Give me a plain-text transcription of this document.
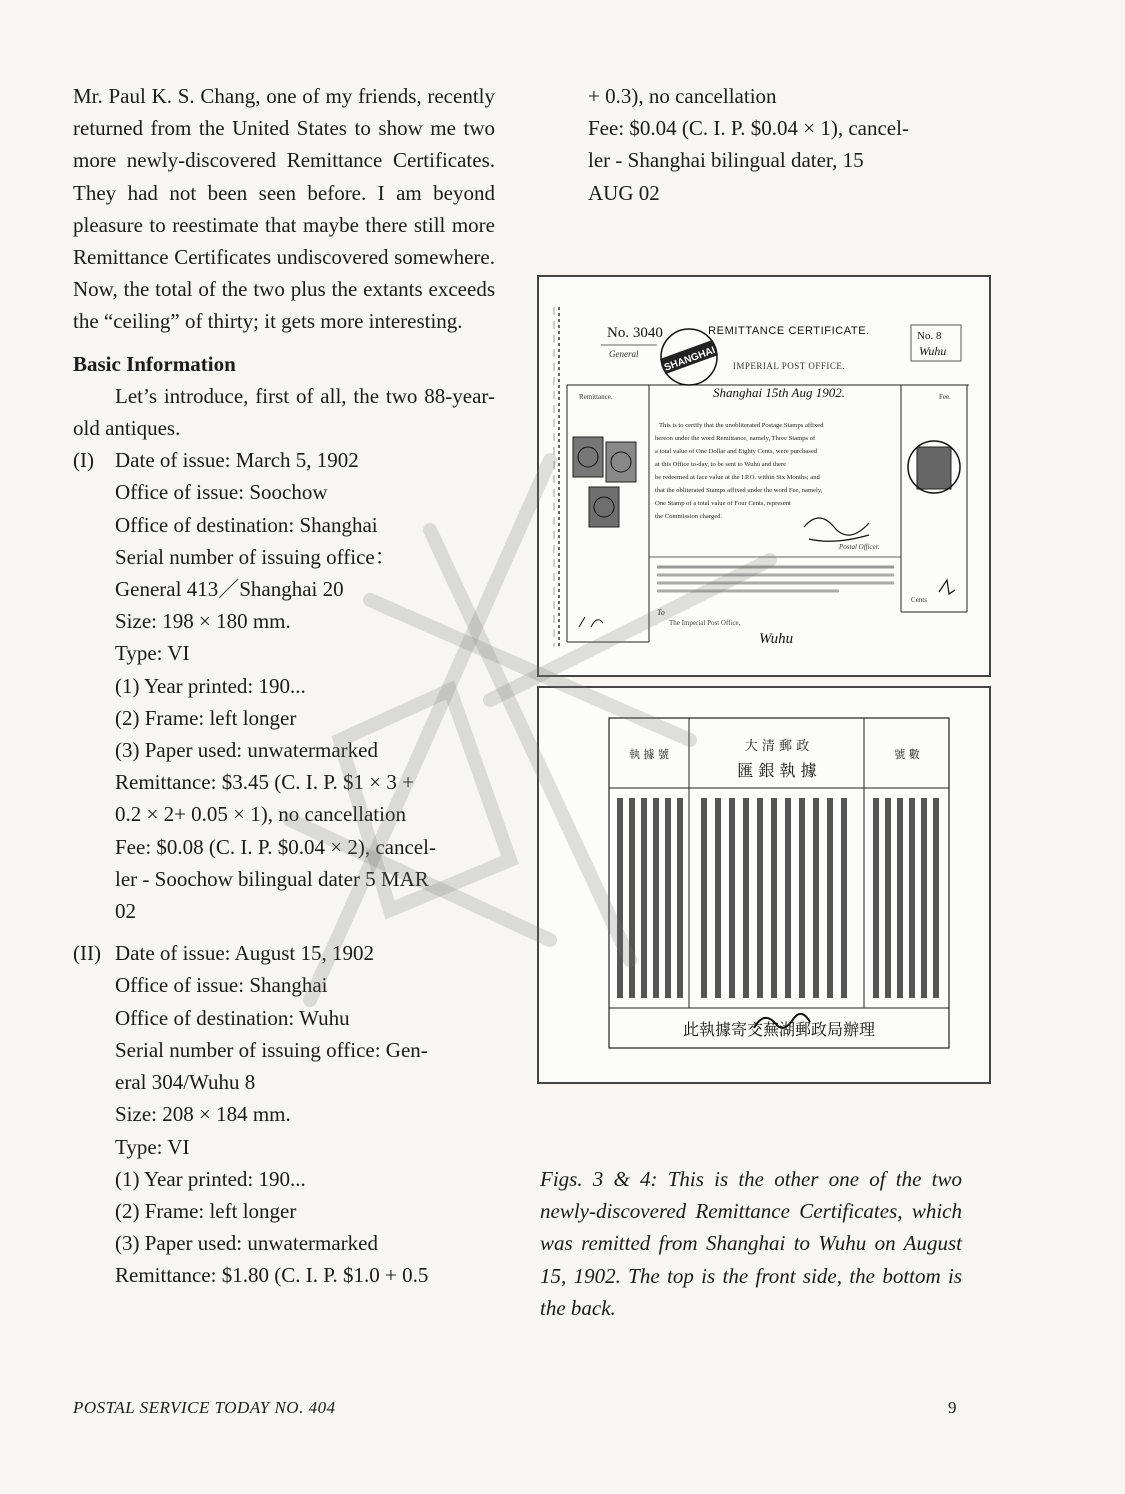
Mr. Paul K. S. Chang, one of my friends, recently returned from the United States to show me two more newly-discovered Remittance Certificates. They had not been seen before. I am beyond pleasure to reestimate that maybe there still more Remittance Certificates undiscovered somewhere. Now, the total of the two plus the extants exceeds the “ceiling” of thirty; it gets more interesting.

Basic Information

Let’s introduce, first of all, the two 88-year-old antiques.

(I)	Date of issue: March 5, 1902
Office of issue: Soochow
Office of destination: Shanghai
Serial number of issuing office：
General 413／Shanghai 20
Size: 198 × 180 mm.
Type: VI
(1) Year printed: 190...
(2) Frame: left longer
(3) Paper used: unwatermarked
Remittance: $3.45 (C. I. P. $1 × 3 +
0.2 × 2+ 0.05 × 1), no cancellation
Fee: $0.08 (C. I. P. $0.04 × 2), cancel-
ler - Soochow bilingual dater 5 MAR
02
(II) Date of issue: August 15, 1902
Office of issue: Shanghai
Office of destination: Wuhu
Serial number of issuing office: Gen-
eral 304/Wuhu 8
Size: 208 × 184 mm.
Type: VI
(1) Year printed: 190...
(2) Frame: left longer
(3) Paper used: unwatermarked
Remittance: $1.80 (C. I. P. $1.0 + 0.5
+ 0.3), no cancellation
Fee: $0.04 (C. I. P. $0.04 × 1), cancel-
ler - Shanghai bilingual dater, 15
AUG 02
No. 3040
General SHANGHAI
REMITTANCE CERTIFICATE.
IMPERIAL POST OFFICE.
No. 8
Wuhu
Shanghai 15th Aug 1902.
Remittance.	Fee.
This is to certify that the unobliterated Postage Stamps affixed
hereon under the word Remittance, namely, Three Stamps of
a total value of One Dollar and Eighty Cents, were purchased
at this Office to-day, to be sent to Wuhu and there
be redeemed at face value at the I.P.O. within Six Months; and
that the obliterated Stamps affixed under the word Fee, namely,
One Stamp of a total value of Four Cents, represent
the Commission charged.
Postal Officer.
To
The Imperial Post Office,
Wuhu
Cents
執 據 號	號 數
大 清 郵 政
匯 銀 執 據
此執據寄交蕪湖郵政局辦理
Figs. 3 & 4: This is the other one of the two newly-discovered Remittance Certificates, which was remitted from Shanghai to Wuhu on August 15, 1902. The top is the front side, the bottom is the back.
POSTAL SERVICE TODAY NO. 404	9
